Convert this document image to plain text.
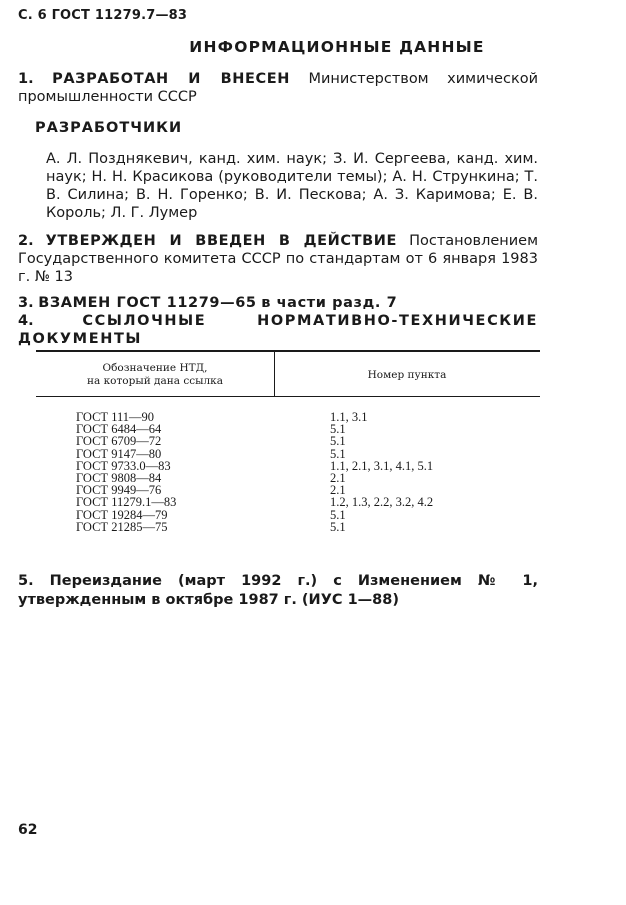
С. 6 ГОСТ 11279.7—83
ИНФОРМАЦИОННЫЕ ДАННЫЕ
1. РАЗРАБОТАН И ВНЕСЕН Министерством химической промышленности СССР
РАЗРАБОТЧИКИ
А. Л. Позднякевич, канд. хим. наук; З. И. Сергеева, канд. хим. наук; Н. Н. Красикова (руководители темы); А. Н. Стрункина; Т. В. Силина; В. Н. Горенко; В. И. Пескова; А. З. Каримова; Е. В. Король; Л. Г. Лумер
2. УТВЕРЖДЕН И ВВЕДЕН В ДЕЙСТВИЕ Постановлением Государственного комитета СССР по стандартам от 6 января 1983 г. № 13
3. ВЗАМЕН ГОСТ 11279—65 в части разд. 7
4.	ССЫЛОЧНЫЕ НОРМАТИВНО-ТЕХНИЧЕСКИЕ ДОКУМЕНТЫ
Обозначение НТД,
на который дана ссылка	Номер пункта
ГОСТ 111—90	1.1, 3.1
ГОСТ 6484—64	5.1
ГОСТ 6709—72	5.1
ГОСТ 9147—80	5.1
ГОСТ 9733.0—83	1.1, 2.1, 3.1, 4.1, 5.1
ГОСТ 9808—84	2.1
ГОСТ 9949—76	2.1
ГОСТ 11279.1—83	1.2, 1.3, 2.2, 3.2, 4.2
ГОСТ 19284—79	5.1
ГОСТ 21285—75	5.1
5. Переиздание (март 1992 г.) с Изменением № 1, утвержденным в октябре 1987 г. (ИУС 1—88)
62
